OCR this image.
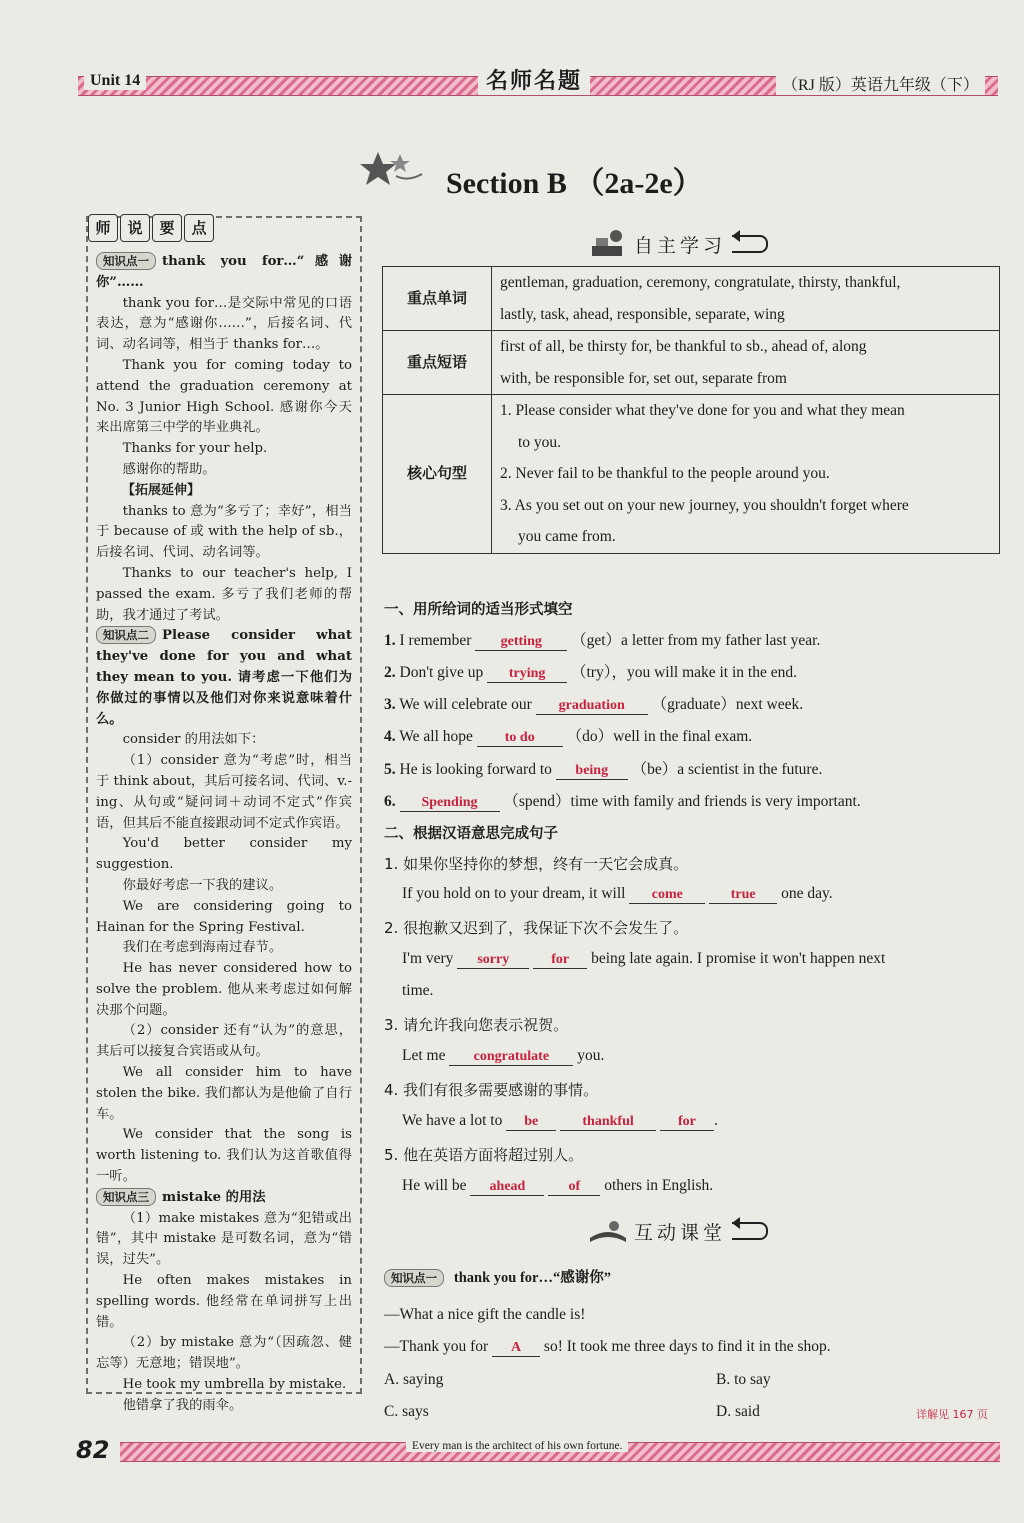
Unit 14	名师名题	（RJ 版）英语九年级（下）
Section B （2a-2e）
师	说	要	点

知识点一 thank you for…“感谢你”……

thank you for…是交际中常见的口语表达，意为“感谢你……”，后接名词、代词、动名词等，相当于 thanks for…。

Thank you for coming today to attend the graduation ceremony at No. 3 Junior High School. 感谢你今天来出席第三中学的毕业典礼。

Thanks for your help.

感谢你的帮助。

【拓展延伸】

thanks to 意为“多亏了；幸好”，相当于 because of 或 with the help of sb.，后接名词、代词、动名词等。

Thanks to our teacher's help, I passed the exam. 多亏了我们老师的帮助，我才通过了考试。

知识点二 Please consider what they've done for you and what they mean to you. 请考虑一下他们为你做过的事情以及他们对你来说意味着什么。

consider 的用法如下：

（1）consider 意为“考虑”时，相当于 think about，其后可接名词、代词、v.-ing、从句或“疑问词＋动词不定式”作宾语，但其后不能直接跟动词不定式作宾语。

You'd better consider my suggestion.

你最好考虑一下我的建议。

We are considering going to Hainan for the Spring Festival.

我们在考虑到海南过春节。

He has never considered how to solve the problem. 他从来考虑过如何解决那个问题。

（2）consider 还有“认为”的意思，其后可以接复合宾语或从句。

We all consider him to have stolen the bike. 我们都认为是他偷了自行车。

We consider that the song is worth listening to. 我们认为这首歌值得一听。

知识点三 mistake 的用法

（1）make mistakes 意为“犯错或出错”，其中 mistake 是可数名词，意为“错误，过失”。

He often makes mistakes in spelling words. 他经常在单词拼写上出错。

（2）by mistake 意为“（因疏忽、健忘等）无意地；错误地”。

He took my umbrella by mistake.

他错拿了我的雨伞。

自主学习
重点单词	gentleman, graduation, ceremony, congratulate, thirsty, thankful,
lastly, task, ahead, responsible, separate, wing
重点短语	first of all, be thirsty for, be thankful to sb., ahead of, along
with, be responsible for, set out, separate from
核心句型	1. Please consider what they've done for you and what they mean

to you.
2. Never fail to be thankful to the people around you.
3. As you set out on your new journey, you shouldn't forget where

you came from.
一、用所给词的适当形式填空
1. I remember getting （get）a letter from my father last year.
2. Don't give up trying （try），you will make it in the end.
3. We will celebrate our graduation （graduate）next week.
4. We all hope to do （do）well in the final exam.
5. He is looking forward to being （be）a scientist in the future.
6. Spending （spend）time with family and friends is very important.
二、根据汉语意思完成句子
1. 如果你坚持你的梦想，终有一天它会成真。
If you hold on to your dream, it will come	true one day.
2. 很抱歉又迟到了，我保证下次不会发生了。
I'm very sorry	for being late again. I promise it won't happen next
time.
3. 请允许我向您表示祝贺。
Let me congratulate you.
4. 我们有很多需要感谢的事情。
We have a lot to be	thankful	for .
5. 他在英语方面将超过别人。
He will be ahead	of others in English.
互动课堂
知识点一 thank you for…“感谢你”
—What a nice gift the candle is!
—Thank you for A so! It took me three days to find it in the shop.
A. saying	B. to say
C. says	D. said	详解见 167 页
82	Every man is the architect of his own fortune.
